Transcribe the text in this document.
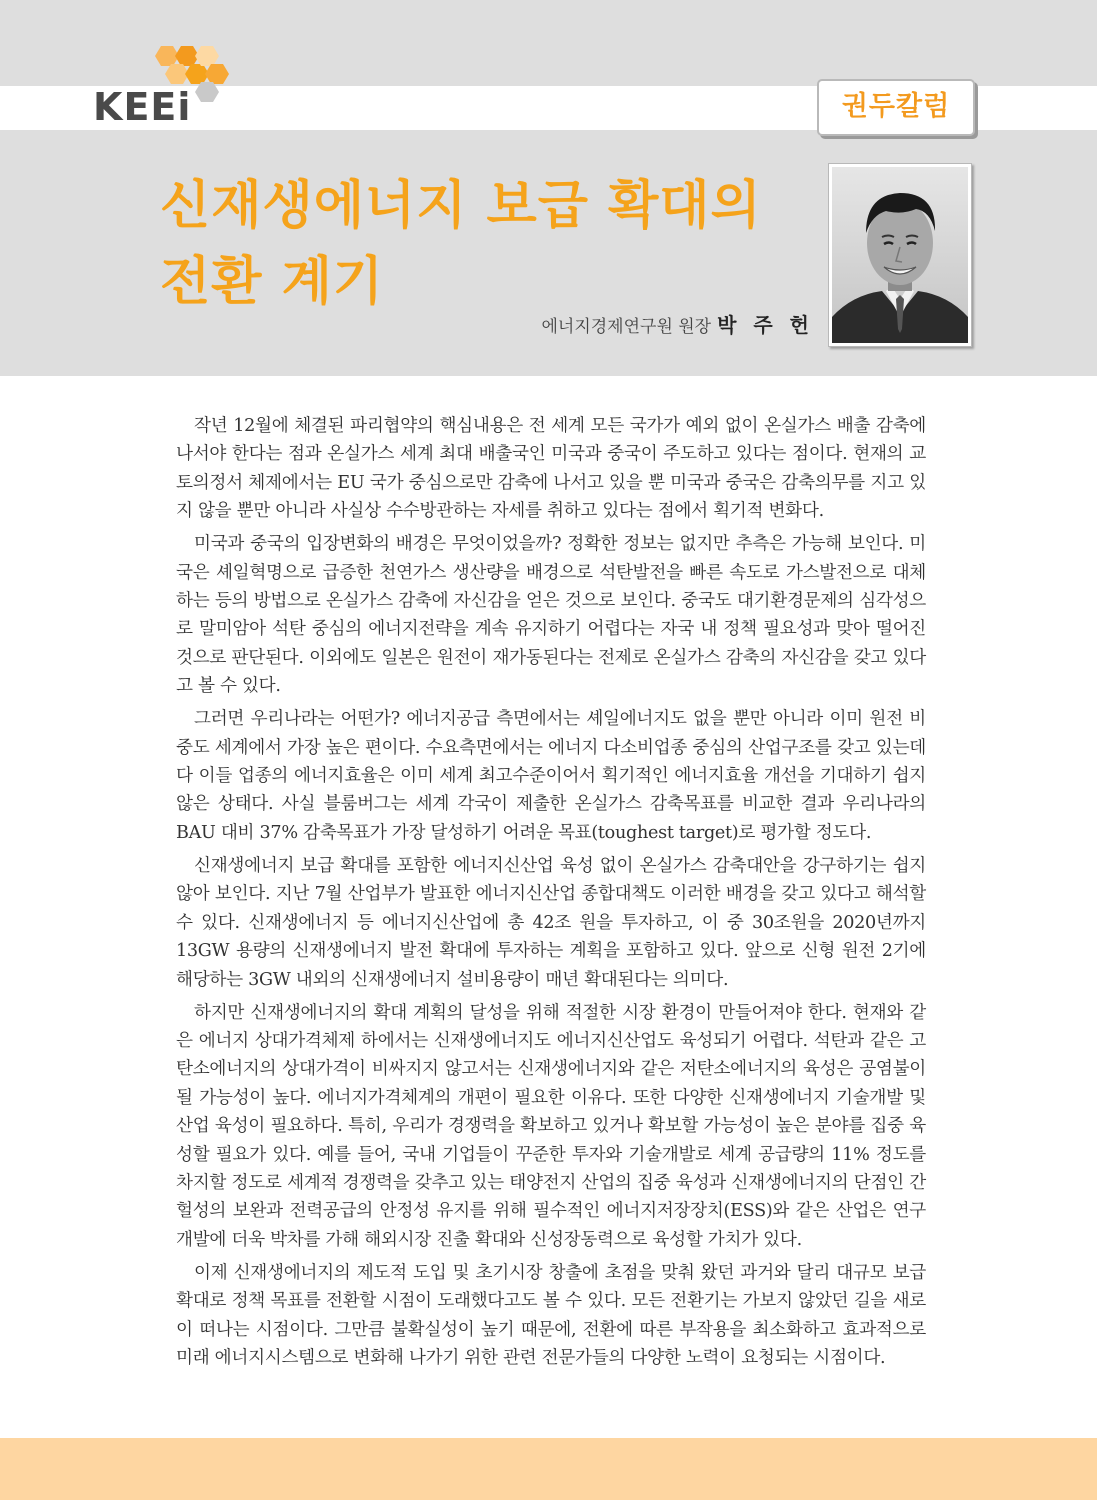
KEEi	권두칼럼
신재생에너지 보급 확대의
전환 계기
에너지경제연구원 원장 박 주 헌

작년 12월에 체결된 파리협약의 핵심내용은 전 세계 모든 국가가 예외 없이 온실가스 배출 감축에 나서야 한다는 점과 온실가스 세계 최대 배출국인 미국과 중국이 주도하고 있다는 점이다. 현재의 교토의정서 체제에서는 EU 국가 중심으로만 감축에 나서고 있을 뿐 미국과 중국은 감축의무를 지고 있지 않을 뿐만 아니라 사실상 수수방관하는 자세를 취하고 있다는 점에서 획기적 변화다.

미국과 중국의 입장변화의 배경은 무엇이었을까? 정확한 정보는 없지만 추측은 가능해 보인다. 미국은 셰일혁명으로 급증한 천연가스 생산량을 배경으로 석탄발전을 빠른 속도로 가스발전으로 대체하는 등의 방법으로 온실가스 감축에 자신감을 얻은 것으로 보인다. 중국도 대기환경문제의 심각성으로 말미암아 석탄 중심의 에너지전략을 계속 유지하기 어렵다는 자국 내 정책 필요성과 맞아 떨어진 것으로 판단된다. 이외에도 일본은 원전이 재가동된다는 전제로 온실가스 감축의 자신감을 갖고 있다고 볼 수 있다.

그러면 우리나라는 어떤가? 에너지공급 측면에서는 셰일에너지도 없을 뿐만 아니라 이미 원전 비중도 세계에서 가장 높은 편이다. 수요측면에서는 에너지 다소비업종 중심의 산업구조를 갖고 있는데다 이들 업종의 에너지효율은 이미 세계 최고수준이어서 획기적인 에너지효율 개선을 기대하기 쉽지 않은 상태다. 사실 블룸버그는 세계 각국이 제출한 온실가스 감축목표를 비교한 결과 우리나라의 BAU 대비 37% 감축목표가 가장 달성하기 어려운 목표(toughest target)로 평가할 정도다.

신재생에너지 보급 확대를 포함한 에너지신산업 육성 없이 온실가스 감축대안을 강구하기는 쉽지 않아 보인다. 지난 7월 산업부가 발표한 에너지신산업 종합대책도 이러한 배경을 갖고 있다고 해석할 수 있다. 신재생에너지 등 에너지신산업에 총 42조 원을 투자하고, 이 중 30조원을 2020년까지 13GW 용량의 신재생에너지 발전 확대에 투자하는 계획을 포함하고 있다. 앞으로 신형 원전 2기에 해당하는 3GW 내외의 신재생에너지 설비용량이 매년 확대된다는 의미다.

하지만 신재생에너지의 확대 계획의 달성을 위해 적절한 시장 환경이 만들어져야 한다. 현재와 같은 에너지 상대가격체제 하에서는 신재생에너지도 에너지신산업도 육성되기 어렵다. 석탄과 같은 고탄소에너지의 상대가격이 비싸지지 않고서는 신재생에너지와 같은 저탄소에너지의 육성은 공염불이 될 가능성이 높다. 에너지가격체계의 개편이 필요한 이유다. 또한 다양한 신재생에너지 기술개발 및 산업 육성이 필요하다. 특히, 우리가 경쟁력을 확보하고 있거나 확보할 가능성이 높은 분야를 집중 육성할 필요가 있다. 예를 들어, 국내 기업들이 꾸준한 투자와 기술개발로 세계 공급량의 11% 정도를 차지할 정도로 세계적 경쟁력을 갖추고 있는 태양전지 산업의 집중 육성과 신재생에너지의 단점인 간헐성의 보완과 전력공급의 안정성 유지를 위해 필수적인 에너지저장장치(ESS)와 같은 산업은 연구개발에 더욱 박차를 가해 해외시장 진출 확대와 신성장동력으로 육성할 가치가 있다.

이제 신재생에너지의 제도적 도입 및 초기시장 창출에 초점을 맞춰 왔던 과거와 달리 대규모 보급 확대로 정책 목표를 전환할 시점이 도래했다고도 볼 수 있다. 모든 전환기는 가보지 않았던 길을 새로이 떠나는 시점이다. 그만큼 불확실성이 높기 때문에, 전환에 따른 부작용을 최소화하고 효과적으로 미래 에너지시스템으로 변화해 나가기 위한 관련 전문가들의 다양한 노력이 요청되는 시점이다.
